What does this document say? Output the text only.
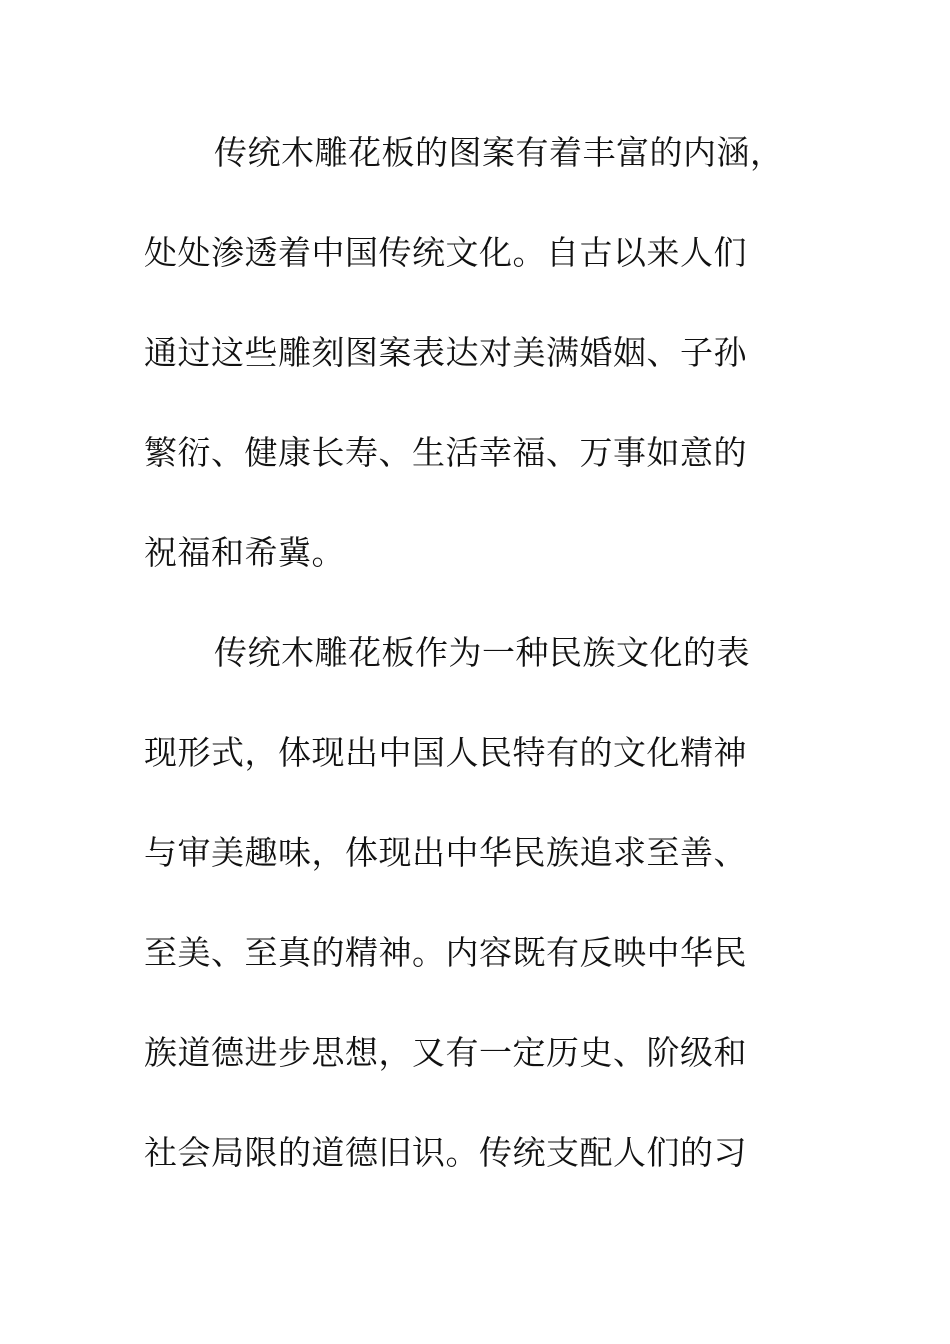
传统木雕花板的图案有着丰富的内涵，
处处渗透着中国传统文化。自古以来人们
通过这些雕刻图案表达对美满婚姻、子孙
繁衍、健康长寿、生活幸福、万事如意的
祝福和希冀。
传统木雕花板作为一种民族文化的表
现形式，体现出中国人民特有的文化精神
与审美趣味，体现出中华民族追求至善、
至美、至真的精神。内容既有反映中华民
族道德进步思想，又有一定历史、阶级和
社会局限的道德旧识。传统支配人们的习
